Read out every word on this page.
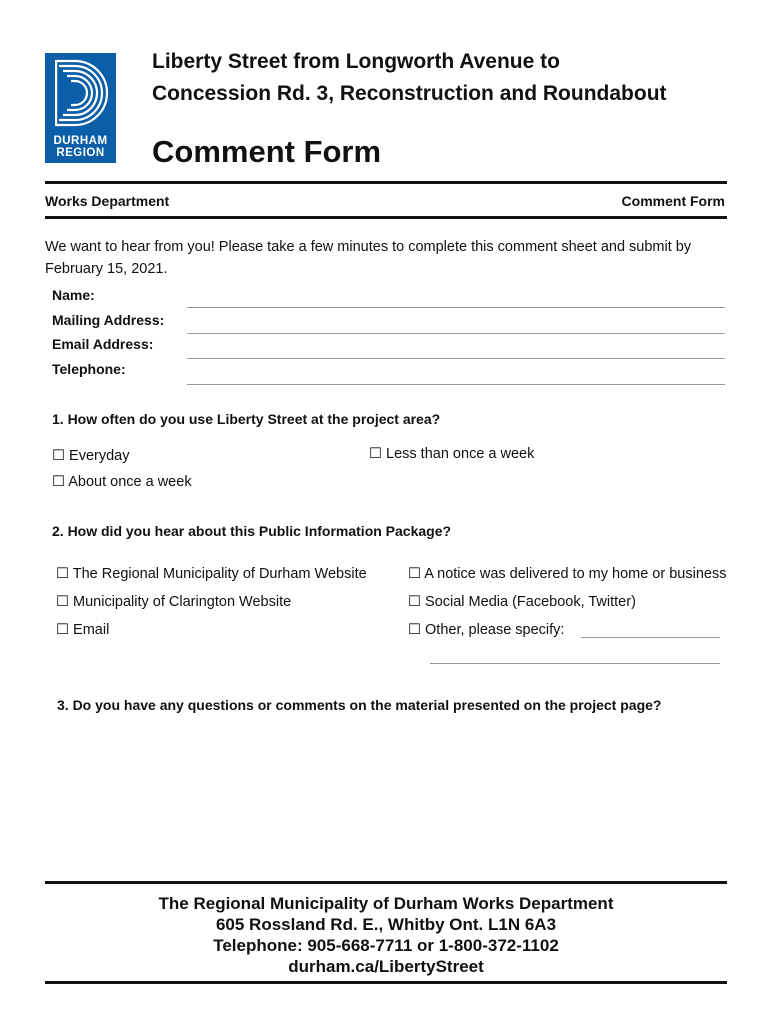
DURHAM
REGION
Liberty Street from Longworth Avenue to
Concession Rd. 3, Reconstruction and Roundabout
Comment Form
Works Department	Comment Form
We want to hear from you! Please take a few minutes to complete this comment sheet and submit by February 15, 2021.
Name:
Mailing Address:
Email Address:
Telephone:
1. How often do you use Liberty Street at the project area?
☐ Everyday	☐ Less than once a week
☐ About once a week
2. How did you hear about this Public Information Package?
☐ The Regional Municipality of Durham Website	☐ A notice was delivered to my home or business
☐ Municipality of Clarington Website	☐ Social Media (Facebook, Twitter)
☐ Email	☐ Other, please specify:
3. Do you have any questions or comments on the material presented on the project page?
The Regional Municipality of Durham Works Department
605 Rossland Rd. E., Whitby Ont. L1N 6A3
Telephone: 905-668-7711 or 1-800-372-1102
durham.ca/LibertyStreet
